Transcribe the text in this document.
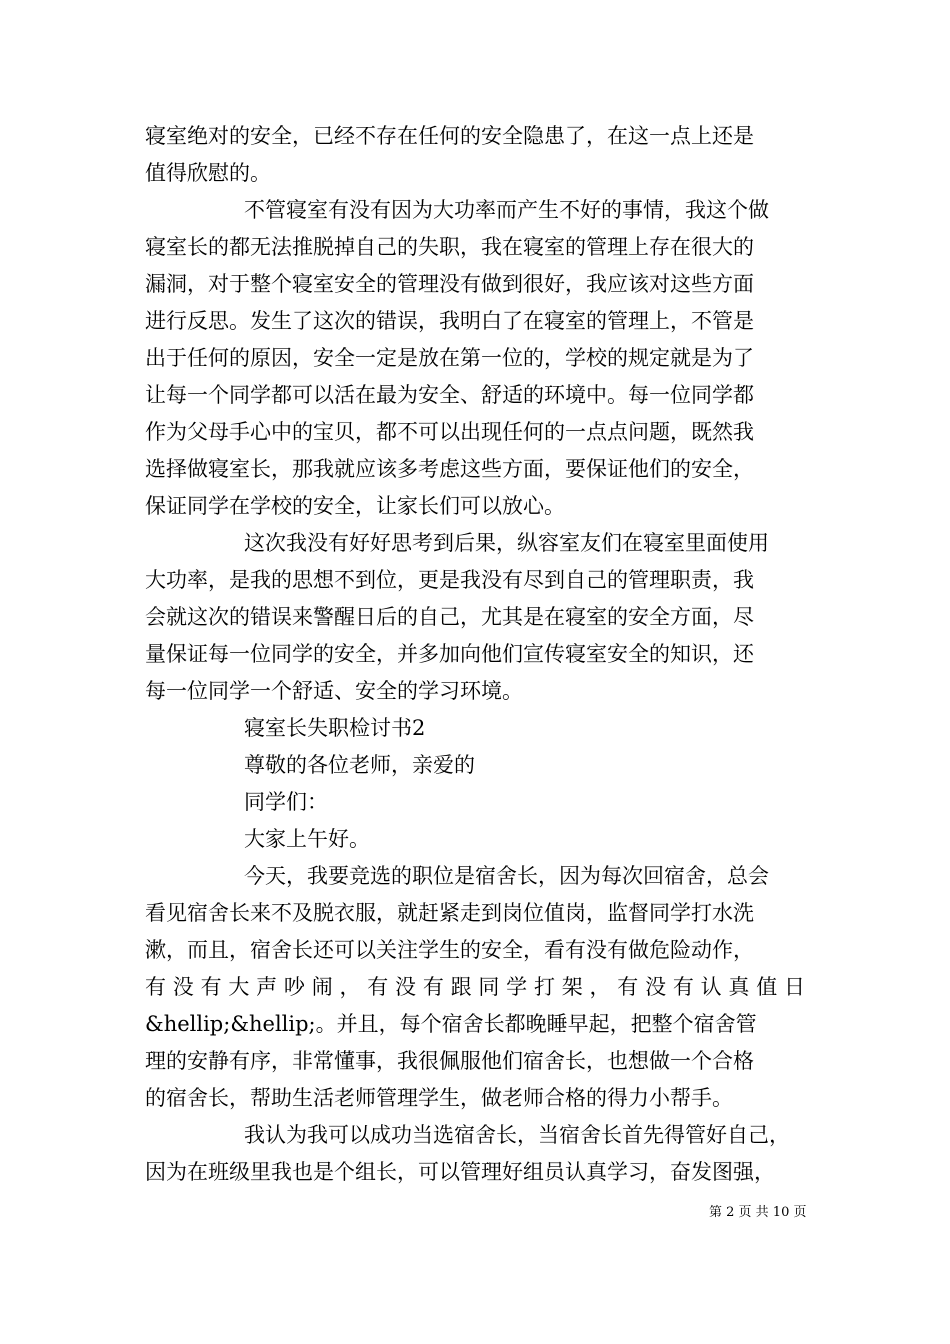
寝室绝对的安全，已经不存在任何的安全隐患了，在这一点上还是
值得欣慰的。
不管寝室有没有因为大功率而产生不好的事情，我这个做
寝室长的都无法推脱掉自己的失职，我在寝室的管理上存在很大的
漏洞，对于整个寝室安全的管理没有做到很好，我应该对这些方面
进行反思。发生了这次的错误，我明白了在寝室的管理上，不管是
出于任何的原因，安全一定是放在第一位的，学校的规定就是为了
让每一个同学都可以活在最为安全、舒适的环境中。每一位同学都
作为父母手心中的宝贝，都不可以出现任何的一点点问题，既然我
选择做寝室长，那我就应该多考虑这些方面，要保证他们的安全，
保证同学在学校的安全，让家长们可以放心。
这次我没有好好思考到后果，纵容室友们在寝室里面使用
大功率，是我的思想不到位，更是我没有尽到自己的管理职责，我
会就这次的错误来警醒日后的自己，尤其是在寝室的安全方面，尽
量保证每一位同学的安全，并多加向他们宣传寝室安全的知识，还
每一位同学一个舒适、安全的学习环境。
寝室长失职检讨书2
尊敬的各位老师，亲爱的
同学们：
大家上午好。
今天，我要竞选的职位是宿舍长，因为每次回宿舍，总会
看见宿舍长来不及脱衣服，就赶紧走到岗位值岗，监督同学打水洗
漱，而且，宿舍长还可以关注学生的安全，看有没有做危险动作，
有 没 有 大 声 吵 闹 ， 有 没 有 跟 同 学 打 架 ， 有 没 有 认 真 值 日
&hellip;&hellip;。并且，每个宿舍长都晚睡早起，把整个宿舍管
理的安静有序，非常懂事，我很佩服他们宿舍长，也想做一个合格
的宿舍长，帮助生活老师管理学生，做老师合格的得力小帮手。
我认为我可以成功当选宿舍长，当宿舍长首先得管好自己，
因为在班级里我也是个组长，可以管理好组员认真学习，奋发图强，
第 2 页 共 10 页
